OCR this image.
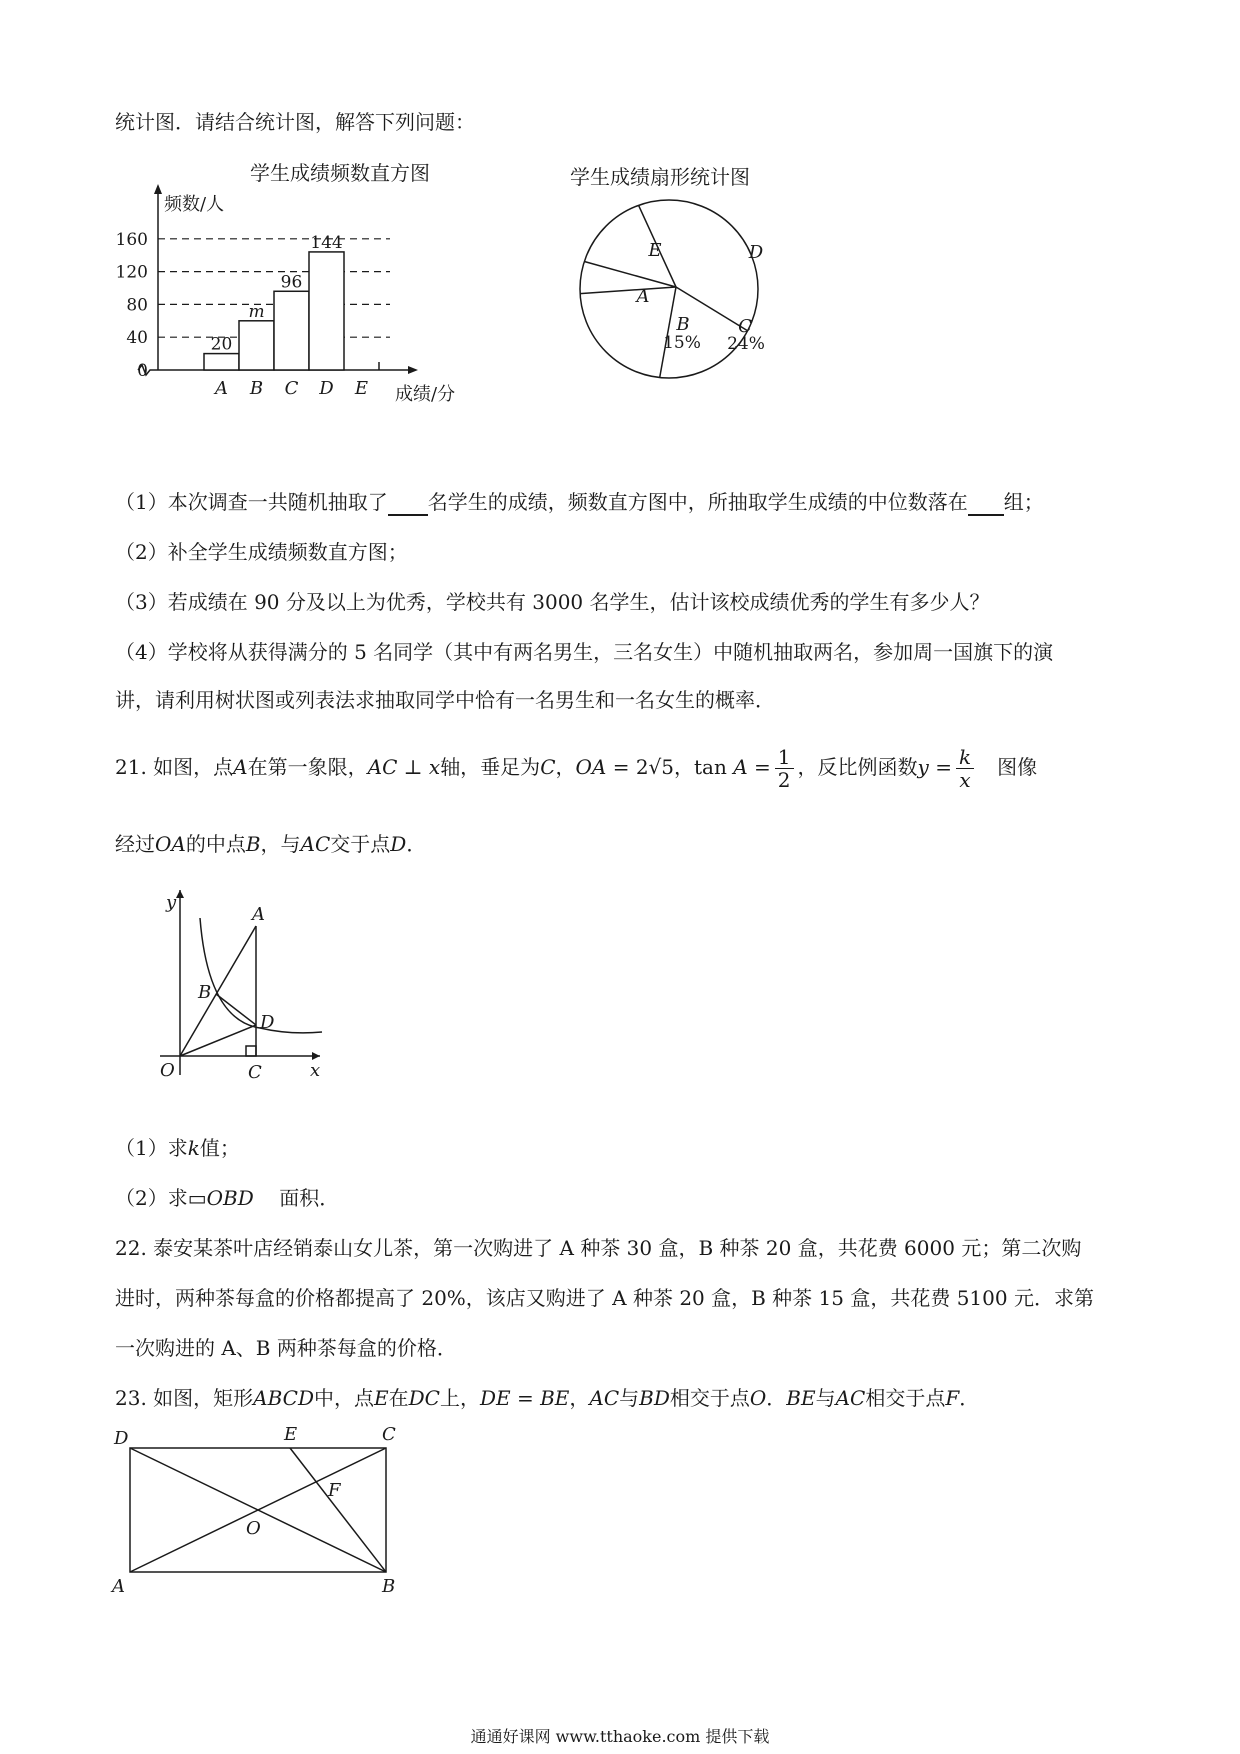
统计图．请结合统计图，解答下列问题：
学生成绩频数直方图
频数/人
0
40
80
120
160
A
20
B
m
C
96
D
144
E 成绩/分
学生成绩扇形统计图
D
C
24%
B
15%
A
E
（1）本次调查一共随机抽取了 名学生的成绩，频数直方图中，所抽取学生成绩的中位数落在 组；
（2）补全学生成绩频数直方图；
（3）若成绩在 90 分及以上为优秀，学校共有 3000 名学生，估计该校成绩优秀的学生有多少人？
（4）学校将从获得满分的 5 名同学（其中有两名男生，三名女生）中随机抽取两名，参加周一国旗下的演
讲，请利用树状图或列表法求抽取同学中恰有一名男生和一名女生的概率．
21. 如图，点A在第一象限，AC ⊥ x轴，垂足为C，OA = 2√5，$\tan A = \frac{1}{2}$ ，反比例函数$y = \frac{k}{x}$ 图像
经过OA的中点B，与AC交于点D．
y
A
B
D
O	C	x
（1）求k值；
（2）求▭OBD 面积．
22. 泰安某茶叶店经销泰山女儿茶，第一次购进了 A 种茶 30 盒，B 种茶 20 盒，共花费 6000 元；第二次购
进时，两种茶每盒的价格都提高了 20%，该店又购进了 A 种茶 20 盒，B 种茶 15 盒，共花费 5100 元．求第
一次购进的 A、B 两种茶每盒的价格．
23. 如图，矩形ABCD中，点E在DC上，DE = BE，AC与BD相交于点O．BE与AC相交于点F．
D	E	C
F
O
A	B
通通好课网 www.tthaoke.com 提供下载
